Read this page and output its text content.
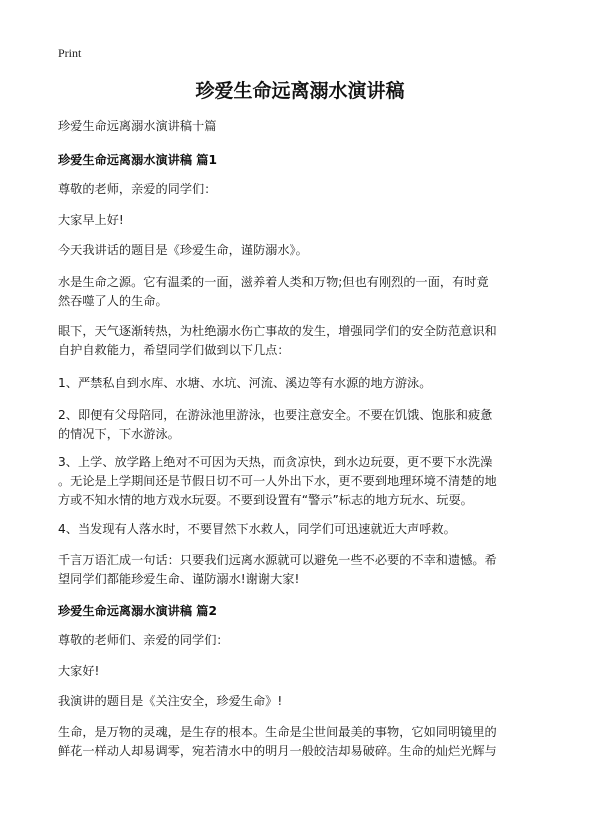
Print
珍爱生命远离溺水演讲稿
珍爱生命远离溺水演讲稿十篇
珍爱生命远离溺水演讲稿 篇1
尊敬的老师，亲爱的同学们：
大家早上好!
今天我讲话的题目是《珍爱生命，谨防溺水》。
水是生命之源。它有温柔的一面，滋养着人类和万物;但也有刚烈的一面，有时竟
然吞噬了人的生命。
眼下，天气逐渐转热，为杜绝溺水伤亡事故的发生，增强同学们的安全防范意识和
自护自救能力，希望同学们做到以下几点：
1、严禁私自到水库、水塘、水坑、河流、溪边等有水源的地方游泳。
2、即便有父母陪同，在游泳池里游泳，也要注意安全。不要在饥饿、饱胀和疲惫
的情况下，下水游泳。
3、上学、放学路上绝对不可因为天热，而贪凉快，到水边玩耍，更不要下水洗澡
。无论是上学期间还是节假日切不可一人外出下水，更不要到地理环境不清楚的地
方或不知水情的地方戏水玩耍。不要到设置有“警示”标志的地方玩水、玩耍。
4、当发现有人落水时，不要冒然下水救人，同学们可迅速就近大声呼救。
千言万语汇成一句话：只要我们远离水源就可以避免一些不必要的不幸和遗憾。希
望同学们都能珍爱生命、谨防溺水!谢谢大家!
珍爱生命远离溺水演讲稿 篇2
尊敬的老师们、亲爱的同学们：
大家好!
我演讲的题目是《关注安全，珍爱生命》!
生命，是万物的灵魂，是生存的根本。生命是尘世间最美的事物，它如同明镜里的
鲜花一样动人却易调零，宛若清水中的明月一般皎洁却易破碎。生命的灿烂光辉与
